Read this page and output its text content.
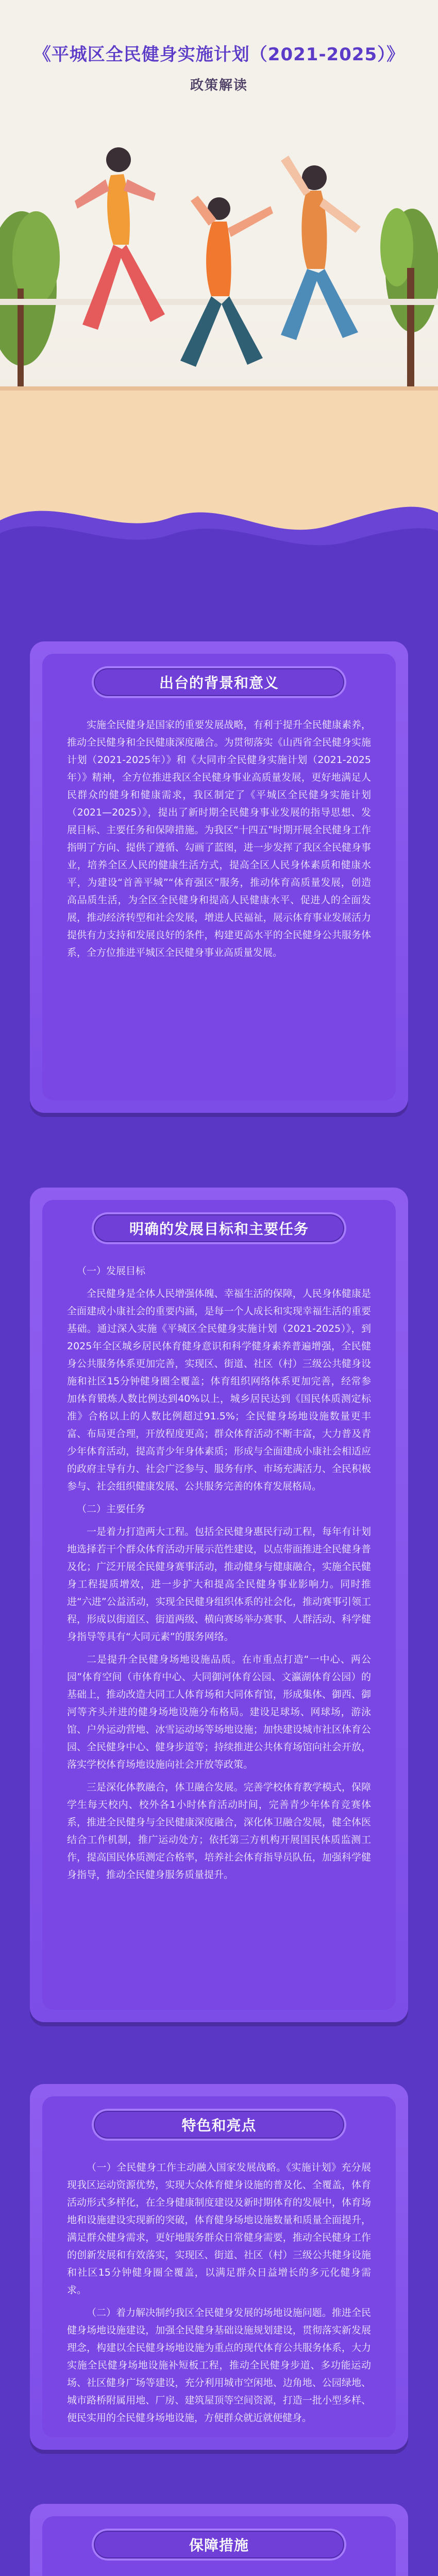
《平城区全民健身实施计划（2021-2025）》
政策解读
出台的背景和意义

实施全民健身是国家的重要发展战略，有利于提升全民健康素养，推动全民健身和全民健康深度融合。为贯彻落实《山西省全民健身实施计划（2021-2025年）》和《大同市全民健身实施计划（2021-2025年）》精神，全方位推进我区全民健身事业高质量发展，更好地满足人民群众的健身和健康需求，我区制定了《平城区全民健身实施计划（2021—2025）》，提出了新时期全民健身事业发展的指导思想、发展目标、主要任务和保障措施。为我区“十四五”时期开展全民健身工作指明了方向、提供了遵循、勾画了蓝图，进一步发挥了我区全民健身事业，培养全区人民的健康生活方式，提高全区人民身体素质和健康水平，为建设“首善平城”“体育强区”服务，推动体育高质量发展，创造高品质生活，为全区全民健身和提高人民健康水平、促进人的全面发展，推动经济转型和社会发展，增进人民福祉，展示体育事业发展活力提供有力支持和发展良好的条件，构建更高水平的全民健身公共服务体系，全方位推进平城区全民健身事业高质量发展。

明确的发展目标和主要任务

（一）发展目标

全民健身是全体人民增强体魄、幸福生活的保障，人民身体健康是全面建成小康社会的重要内涵，是每一个人成长和实现幸福生活的重要基础。通过深入实施《平城区全民健身实施计划（2021-2025）》，到2025年全区城乡居民体育健身意识和科学健身素养普遍增强，全民健身公共服务体系更加完善，实现区、街道、社区（村）三级公共健身设施和社区15分钟健身圈全覆盖；体育组织网络体系更加完善，经常参加体育锻炼人数比例达到40%以上，城乡居民达到《国民体质测定标准》合格以上的人数比例超过91.5%；全民健身场地设施数量更丰富、布局更合理，开放程度更高；群众体育活动不断丰富，大力普及青少年体育活动，提高青少年身体素质；形成与全面建成小康社会相适应的政府主导有力、社会广泛参与、服务有序、市场充满活力、全民积极参与、社会组织健康发展、公共服务完善的体育发展格局。

（二）主要任务

一是着力打造两大工程。包括全民健身惠民行动工程，每年有计划地选择若干个群众体育活动开展示范性建设，以点带面推进全民健身普及化；广泛开展全民健身赛事活动，推动健身与健康融合，实施全民健身工程提质增效，进一步扩大和提高全民健身事业影响力。同时推进“六进”公益活动，实现全民健身组织体系的社会化，推动赛事引领工程，形成以街道区、街道两级、横向赛场举办赛事、人群活动、科学健身指导等具有“大同元素”的服务网络。

二是提升全民健身场地设施品质。在市重点打造“一中心、两公园”体育空间（市体育中心、大同御河体育公园、文瀛湖体育公园）的基础上，推动改造大同工人体育场和大同体育馆，形成集体、御西、御河等齐头并进的健身场地设施分布格局。建设足球场、网球场，游泳馆、户外运动营地、冰雪运动场等场地设施；加快建设城市社区体育公园、全民健身中心、健身步道等；持续推进公共体育场馆向社会开放，落实学校体育场地设施向社会开放等政策。

三是深化体教融合，体卫融合发展。完善学校体育教学模式，保障学生每天校内、校外各1小时体育活动时间，完善青少年体育竞赛体系，推进全民健身与全民健康深度融合，深化体卫融合发展，健全体医结合工作机制，推广运动处方；依托第三方机构开展国民体质监测工作，提高国民体质测定合格率，培养社会体育指导员队伍，加强科学健身指导，推动全民健身服务质量提升。

特色和亮点

（一）全民健身工作主动融入国家发展战略。《实施计划》充分展现我区运动资源优势，实现大众体育健身设施的普及化、全覆盖，体育活动形式多样化，在全身健康制度建设及新时期体育的发展中，体育场地和设施建设实现新的突破，体育健身场地设施数量和质量全面提升，满足群众健身需求，更好地服务群众日常健身需要，推动全民健身工作的创新发展和有效落实，实现区、街道、社区（村）三级公共健身设施和社区15分钟健身圈全覆盖，以满足群众日益增长的多元化健身需求。

（二）着力解决制约我区全民健身发展的场地设施问题。推进全民健身场地设施建设，加强全民健身基础设施规划建设，贯彻落实新发展理念，构建以全民健身场地设施为重点的现代体育公共服务体系，大力实施全民健身场地设施补短板工程，推动全民健身步道、多功能运动场、社区健身广场等建设，充分利用城市空闲地、边角地、公园绿地、城市路桥附属用地、厂房、建筑屋顶等空间资源，打造一批小型多样、便民实用的全民健身场地设施，方便群众就近就便健身。

保障措施
